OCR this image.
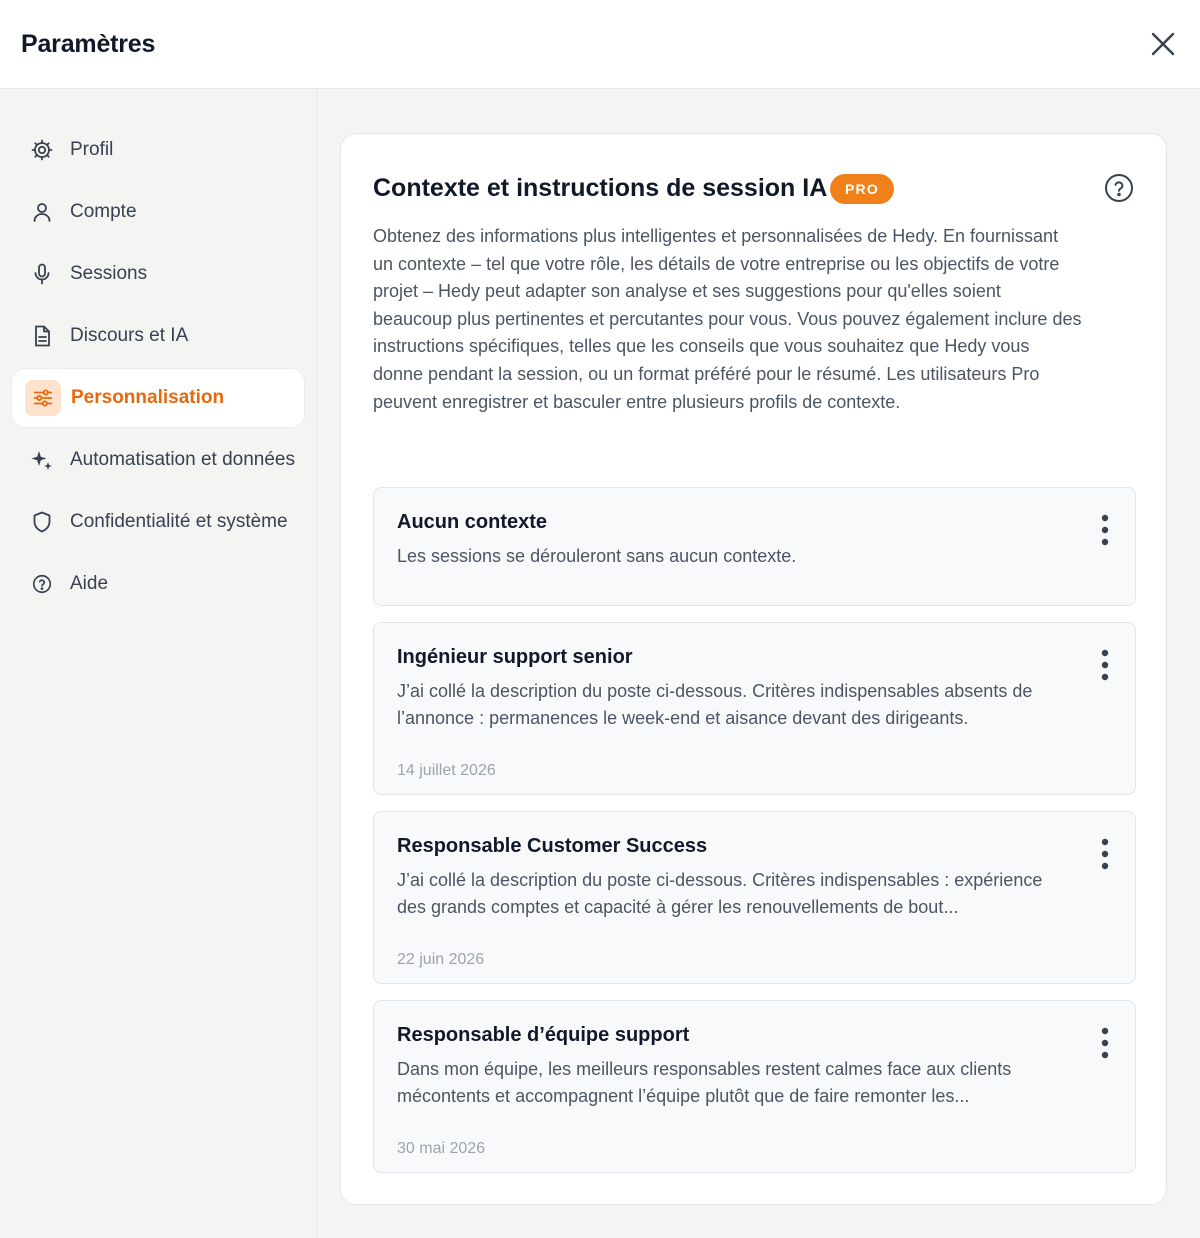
Paramètres
Profil
Compte
Sessions
Discours et IA
Personnalisation
Automatisation et données
Confidentialité et système
Aide
Contexte et instructions de session IA	PRO
Obtenez des informations plus intelligentes et personnalisées de Hedy. En fournissant un contexte – tel que votre rôle, les détails de votre entreprise ou les objectifs de votre projet – Hedy peut adapter son analyse et ses suggestions pour qu'elles soient beaucoup plus pertinentes et percutantes pour vous. Vous pouvez également inclure des instructions spécifiques, telles que les conseils que vous souhaitez que Hedy vous donne pendant la session, ou un format préféré pour le résumé. Les utilisateurs Pro peuvent enregistrer et basculer entre plusieurs profils de contexte.
Aucun contexte
Les sessions se dérouleront sans aucun contexte.
Ingénieur support senior
J’ai collé la description du poste ci-dessous. Critères indispensables absents de l’annonce : permanences le week-end et aisance devant des dirigeants.
14 juillet 2026
Responsable Customer Success
J’ai collé la description du poste ci-dessous. Critères indispensables : expérience des grands comptes et capacité à gérer les renouvellements de bout...
22 juin 2026
Responsable d’équipe support
Dans mon équipe, les meilleurs responsables restent calmes face aux clients mécontents et accompagnent l’équipe plutôt que de faire remonter les...
30 mai 2026
